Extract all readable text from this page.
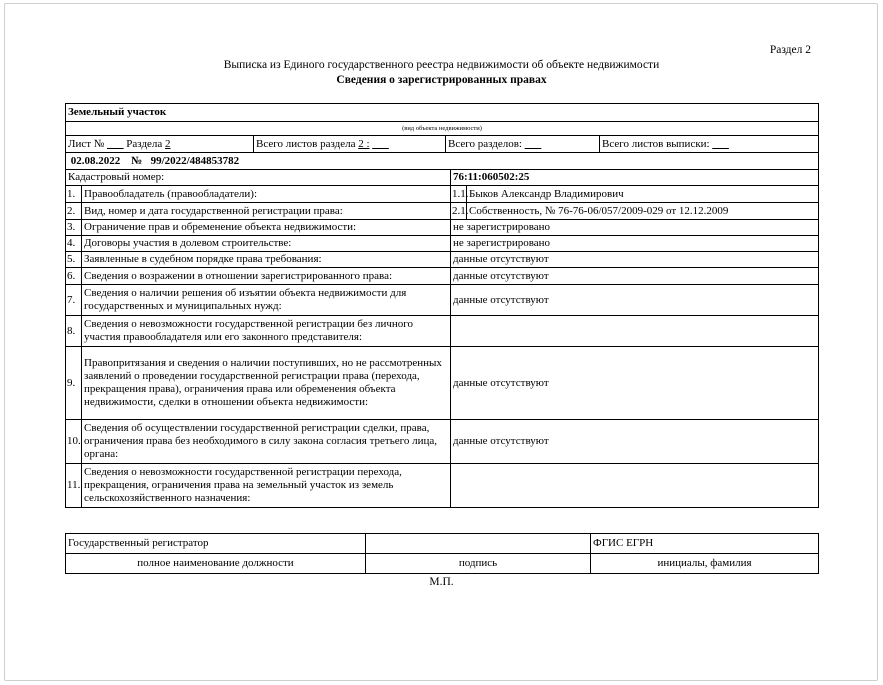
Раздел 2
Выписка из Единого государственного реестра недвижимости об объекте недвижимости
Сведения о зарегистрированных правах
Земельный участок						
(вид объекта недвижимости)						
Лист № ___ Раздела 2		Всего листов раздела 2 : ___	Всего разделов: ___			Всего листов выписки: ___
02.08.2022 № 99/2022/484853782						
Кадастровый номер:				76:11:060502:25		
1.	Правообладатель (правообладатели):			1.1.	Быков Александр Владимирович	
2.	Вид, номер и дата государственной регистрации права:			2.1.	Собственность, № 76-76-06/057/2009-029 от 12.12.2009	
3.	Ограничение прав и обременение объекта недвижимости:			не зарегистрировано		
4.	Договоры участия в долевом строительстве:			не зарегистрировано		
5.	Заявленные в судебном порядке права требования:			данные отсутствуют		
6.	Сведения о возражении в отношении зарегистрированного права:			данные отсутствуют		
7.	Сведения о наличии решения об изъятии объекта недвижимости для государственных и муниципальных нужд:			данные отсутствуют		
8.	Сведения о невозможности государственной регистрации без личного участия правообладателя или его законного представителя:					
9.	Правопритязания и сведения о наличии поступивших, но не рассмотренных заявлений о проведении государственной регистрации права (перехода, прекращения права), ограничения права или обременения объекта недвижимости, сделки в отношении объекта недвижимости:			данные отсутствуют		
10.	Сведения об осуществлении государственной регистрации сделки, права, ограничения права без необходимого в силу закона согласия третьего лица, органа:			данные отсутствуют		
11.	Сведения о невозможности государственной регистрации перехода, прекращения, ограничения права на земельный участок из земель сельскохозяйственного назначения:					
Государственный регистратор		ФГИС ЕГРН
полное наименование должности	подпись	инициалы, фамилия
М.П.
